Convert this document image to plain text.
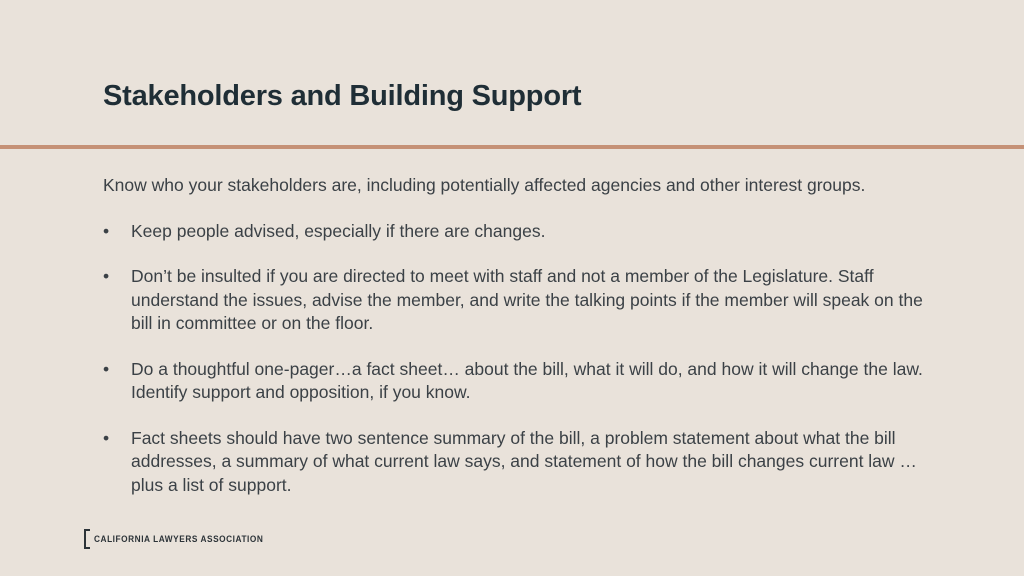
Stakeholders and Building Support

Know who your stakeholders are, including potentially affected agencies and other interest groups.

• Keep people advised, especially if there are changes.
• Don’t be insulted if you are directed to meet with staff and not a member of the Legislature. Staff understand the issues, advise the member, and write the talking points if the member will speak on the bill in committee or on the floor.
• Do a thoughtful one-pager…a fact sheet… about the bill, what it will do, and how it will change the law. Identify support and opposition, if you know.
• Fact sheets should have two sentence summary of the bill, a problem statement about what the bill addresses, a summary of what current law says, and statement of how the bill changes current law …plus a list of support.
CALIFORNIA LAWYERS ASSOCIATION
